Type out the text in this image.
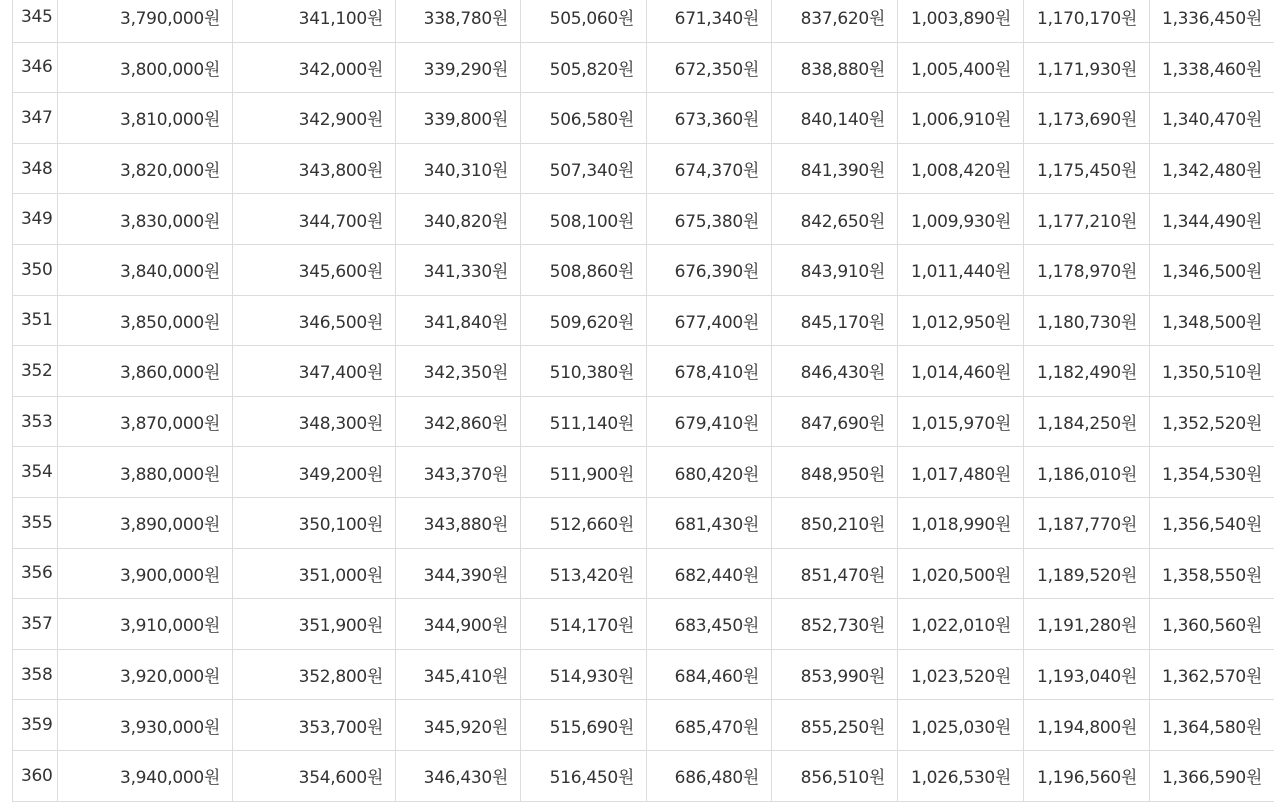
345	3,790,000원	341,100원	338,780원	505,060원	671,340원	837,620원	1,003,890원	1,170,170원	1,336,450원
346	3,800,000원	342,000원	339,290원	505,820원	672,350원	838,880원	1,005,400원	1,171,930원	1,338,460원
347	3,810,000원	342,900원	339,800원	506,580원	673,360원	840,140원	1,006,910원	1,173,690원	1,340,470원
348	3,820,000원	343,800원	340,310원	507,340원	674,370원	841,390원	1,008,420원	1,175,450원	1,342,480원
349	3,830,000원	344,700원	340,820원	508,100원	675,380원	842,650원	1,009,930원	1,177,210원	1,344,490원
350	3,840,000원	345,600원	341,330원	508,860원	676,390원	843,910원	1,011,440원	1,178,970원	1,346,500원
351	3,850,000원	346,500원	341,840원	509,620원	677,400원	845,170원	1,012,950원	1,180,730원	1,348,500원
352	3,860,000원	347,400원	342,350원	510,380원	678,410원	846,430원	1,014,460원	1,182,490원	1,350,510원
353	3,870,000원	348,300원	342,860원	511,140원	679,410원	847,690원	1,015,970원	1,184,250원	1,352,520원
354	3,880,000원	349,200원	343,370원	511,900원	680,420원	848,950원	1,017,480원	1,186,010원	1,354,530원
355	3,890,000원	350,100원	343,880원	512,660원	681,430원	850,210원	1,018,990원	1,187,770원	1,356,540원
356	3,900,000원	351,000원	344,390원	513,420원	682,440원	851,470원	1,020,500원	1,189,520원	1,358,550원
357	3,910,000원	351,900원	344,900원	514,170원	683,450원	852,730원	1,022,010원	1,191,280원	1,360,560원
358	3,920,000원	352,800원	345,410원	514,930원	684,460원	853,990원	1,023,520원	1,193,040원	1,362,570원
359	3,930,000원	353,700원	345,920원	515,690원	685,470원	855,250원	1,025,030원	1,194,800원	1,364,580원
360	3,940,000원	354,600원	346,430원	516,450원	686,480원	856,510원	1,026,530원	1,196,560원	1,366,590원
